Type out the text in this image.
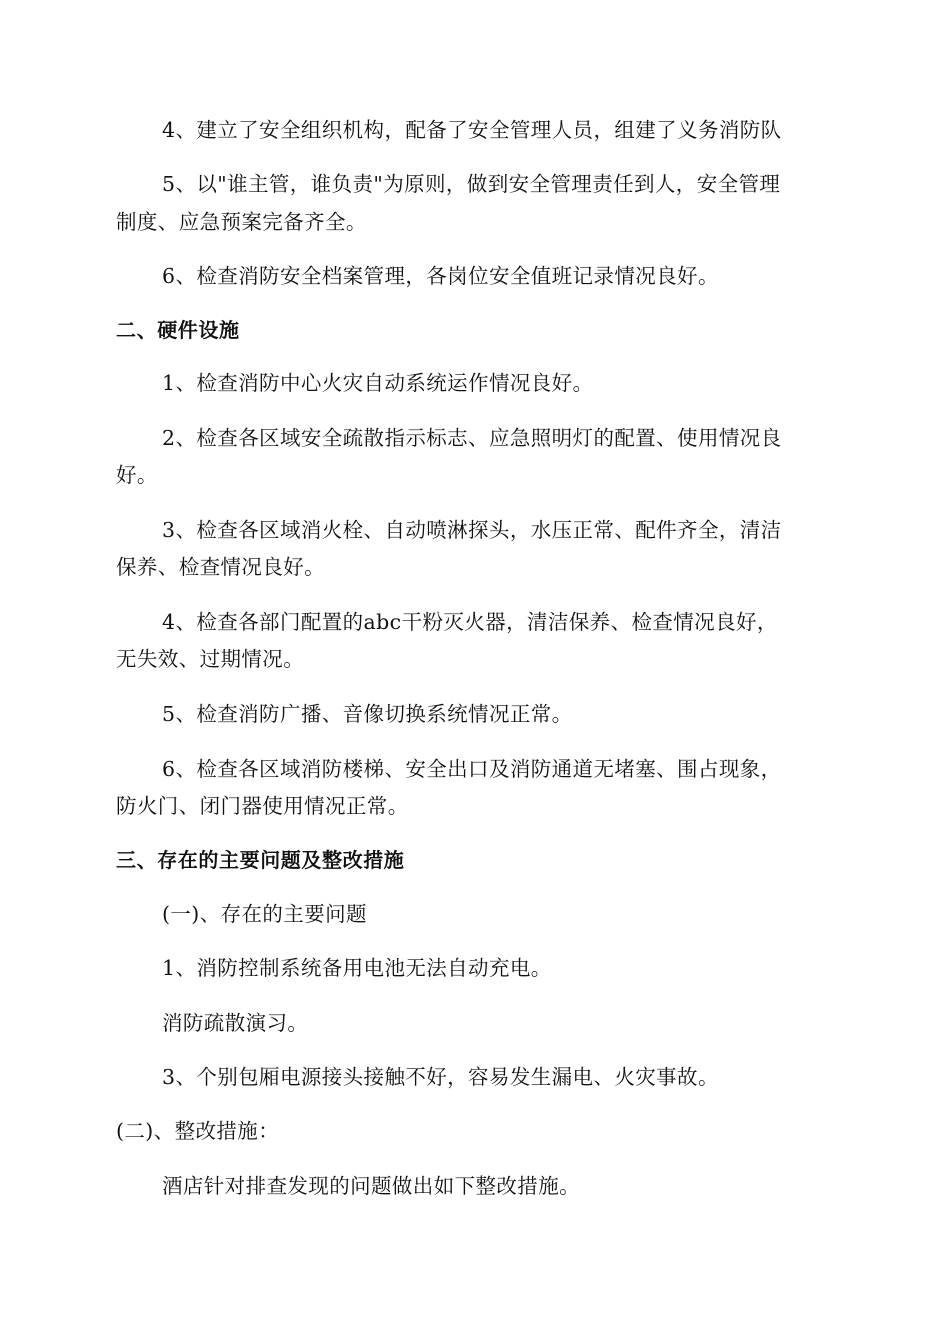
4、建立了安全组织机构，配备了安全管理人员，组建了义务消防队
5、以"谁主管，谁负责"为原则，做到安全管理责任到人，安全管理
制度、应急预案完备齐全。
6、检查消防安全档案管理，各岗位安全值班记录情况良好。
二、硬件设施
1、检查消防中心火灾自动系统运作情况良好。
2、检查各区域安全疏散指示标志、应急照明灯的配置、使用情况良
好。
3、检查各区域消火栓、自动喷淋探头，水压正常、配件齐全，清洁
保养、检查情况良好。
4、检查各部门配置的abc干粉灭火器，清洁保养、检查情况良好，
无失效、过期情况。
5、检查消防广播、音像切换系统情况正常。
6、检查各区域消防楼梯、安全出口及消防通道无堵塞、围占现象，
防火门、闭门器使用情况正常。
三、存在的主要问题及整改措施
(一)、存在的主要问题
1、消防控制系统备用电池无法自动充电。
消防疏散演习。
3、个别包厢电源接头接触不好，容易发生漏电、火灾事故。
(二)、整改措施：
酒店针对排查发现的问题做出如下整改措施。
